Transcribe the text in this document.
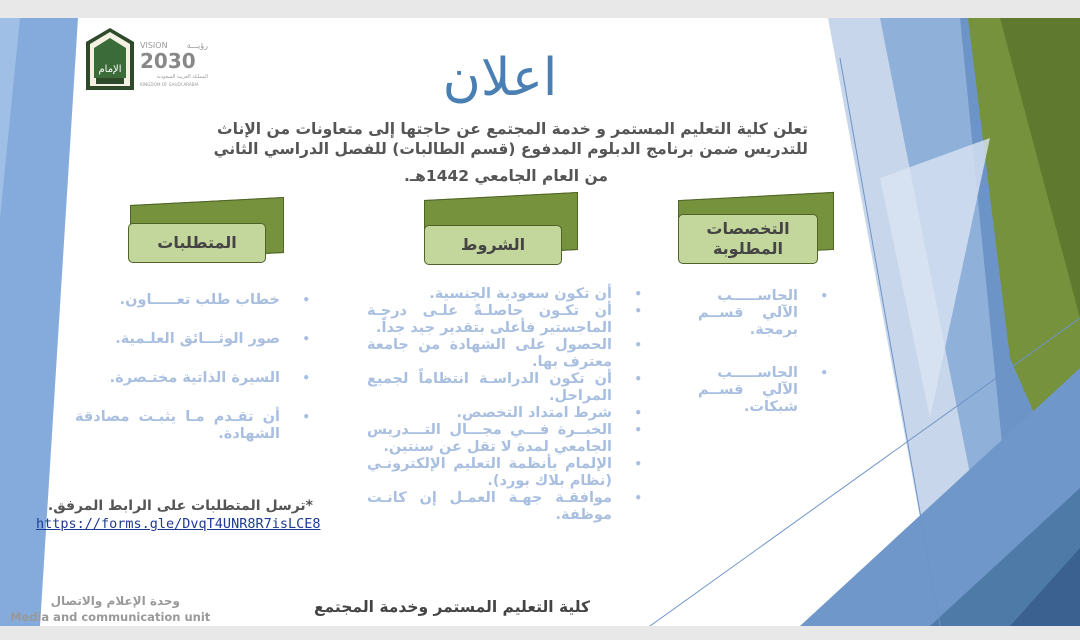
الإمام
VISION رؤيـــة
2030
المملكة العربية السعودية
KINGDOM OF SAUDI ARABIA	اعلان
تعلن كلية التعليم المستمر و خدمة المجتمع عن حاجتها إلى متعاونات من الإناث
للتدريس ضمن برنامج الدبلوم المدفوع (قسم الطالبات) للفصل الدراسي الثاني
من العام الجامعي 1442هـ.
المتطلبات	الشروط
التخصصات المطلوبة
•
خطاب طلب تعـــــاون.
•
صور الوثـــائق العلـمية.
•
السيرة الذاتية مختـصرة.
•
أن تقـدم مـا يثبـت مصادقة الشهادة.
•
أن تكون سعودية الجنسية.
•
أن تكـون حاصلـةً علـى درجـة الماجستير فأعلى بتقدير جيد جداً.
•
الحصول على الشهادة من جامعة معترف بها.
•
أن تكون الدراسـة انتظاماً لجميع المراحل.
•
شرط امتداد التخصص.
•
الخبــرة فـــي مجـــال التـــدريس الجامعي لمدة لا تقل عن سنتين.
•
الإلمام بأنظمة التعليم الإلكترونـي (نظام بلاك بورد).
•
موافقـة جهـة العمـل إن كانـت موظفة.
•
الحاســـــب الآلي قســم برمجة.
•
الحاســـــب الآلي قســم شبكات.
*ترسل المتطلبات على الرابط المرفق.
https://forms.gle/DvqT4UNR8R7isLCE8
كلية التعليم المستمر وخدمة المجتمع
وحدة الإعلام والاتصال
Media and communication unit
